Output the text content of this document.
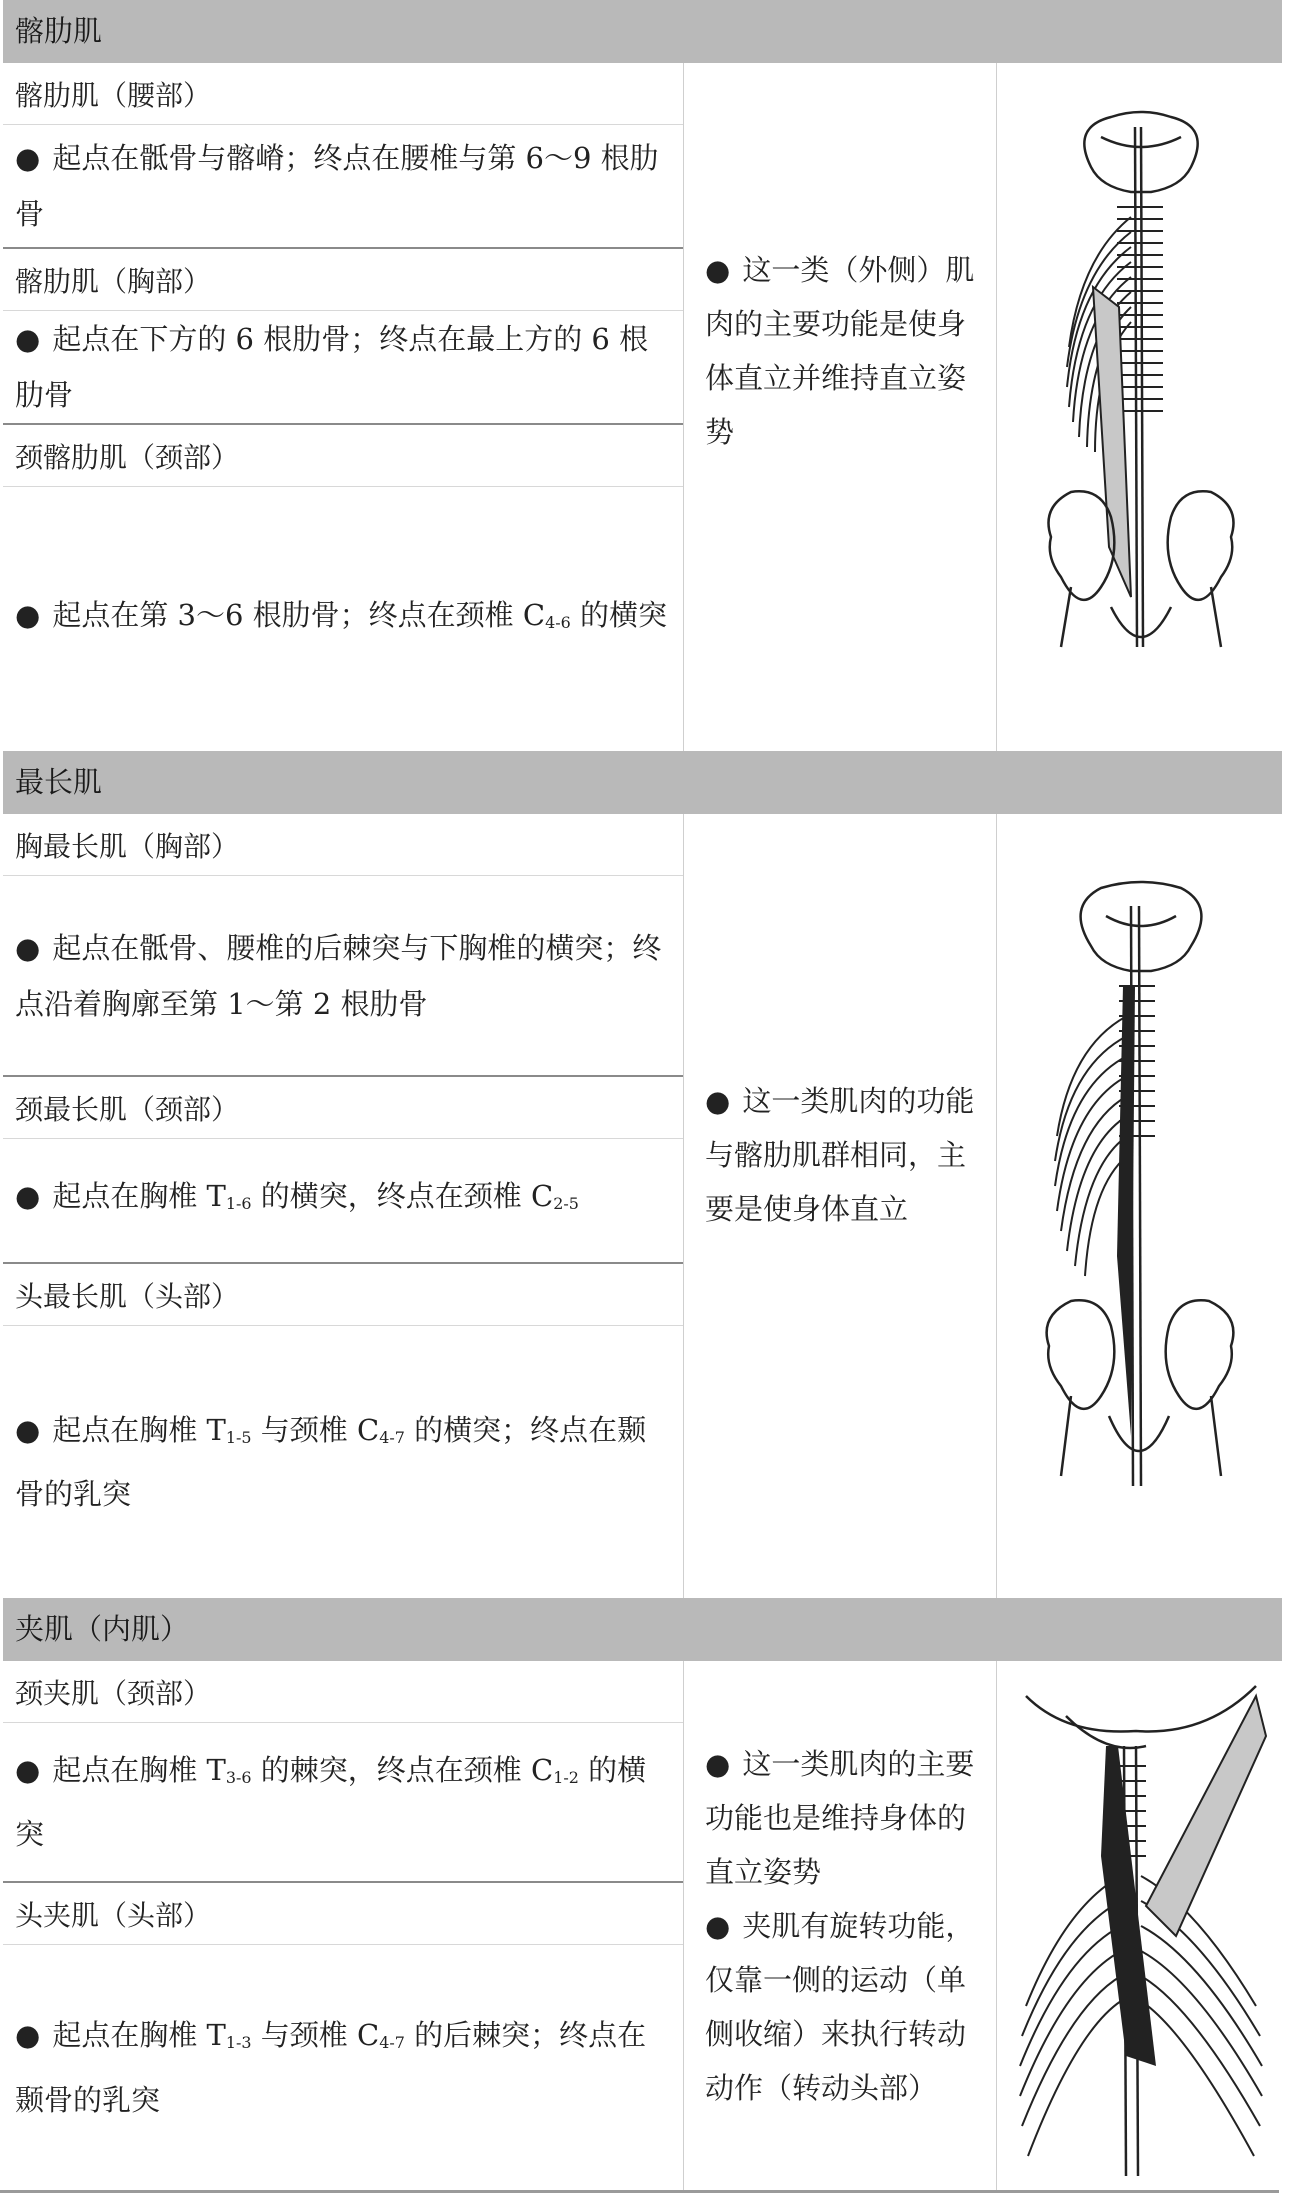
髂肋肌
髂肋肌（腰部）
● 起点在骶骨与髂嵴；终点在腰椎与第 6～9 根肋骨
髂肋肌（胸部）
● 起点在下方的 6 根肋骨；终点在最上方的 6 根肋骨
颈髂肋肌（颈部）
● 起点在第 3～6 根肋骨；终点在颈椎 $C_{4-6}$ 的横突
● 这一类（外侧）肌肉的主要功能是使身体直立并维持直立姿势
最长肌
胸最长肌（胸部）
● 起点在骶骨、腰椎的后棘突与下胸椎的横突；终点沿着胸廓至第 1～第 2 根肋骨
颈最长肌（颈部）
● 起点在胸椎 $T_{1-6}$ 的横突，终点在颈椎 $C_{2-5}$
头最长肌（头部）
● 起点在胸椎 $T_{1-5}$ 与颈椎 $C_{4-7}$ 的横突；终点在颞骨的乳突
● 这一类肌肉的功能与髂肋肌群相同，主要是使身体直立
夹肌（内肌）
颈夹肌（颈部）
● 起点在胸椎 $T_{3-6}$ 的棘突，终点在颈椎 $C_{1-2}$ 的横突
头夹肌（头部）
● 起点在胸椎 $T_{1-3}$ 与颈椎 $C_{4-7}$ 的后棘突；终点在颞骨的乳突
● 这一类肌肉的主要功能也是维持身体的直立姿势
● 夹肌有旋转功能，仅靠一侧的运动（单侧收缩）来执行转动动作（转动头部）
